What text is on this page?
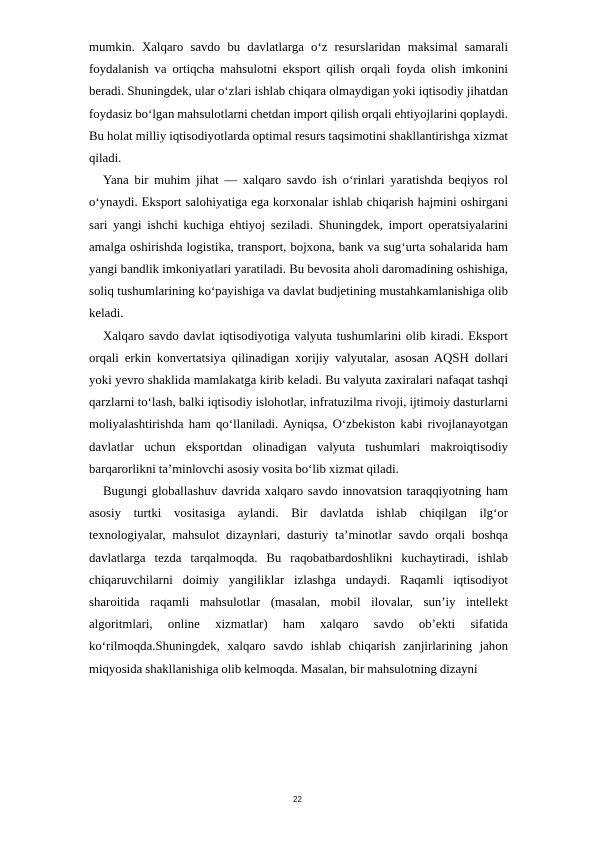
mumkin. Xalqaro savdo bu davlatlarga o‘z resurslaridan maksimal samarali foydalanish va ortiqcha mahsulotni eksport qilish orqali foyda olish imkonini beradi. Shuningdek, ular o‘zlari ishlab chiqara olmaydigan yoki iqtisodiy jihatdan foydasiz bo‘lgan mahsulotlarni chetdan import qilish orqali ehtiyojlarini qoplaydi. Bu holat milliy iqtisodiyotlarda optimal resurs taqsimotini shakllantirishga xizmat qiladi.

Yana bir muhim jihat — xalqaro savdo ish o‘rinlari yaratishda beqiyos rol o‘ynaydi. Eksport salohiyatiga ega korxonalar ishlab chiqarish hajmini oshirgani sari yangi ishchi kuchiga ehtiyoj seziladi. Shuningdek, import operatsiyalarini amalga oshirishda logistika, transport, bojxona, bank va sug‘urta sohalarida ham yangi bandlik imkoniyatlari yaratiladi. Bu bevosita aholi daromadining oshishiga, soliq tushumlarining ko‘payishiga va davlat budjetining mustahkamlanishiga olib keladi.

Xalqaro savdo davlat iqtisodiyotiga valyuta tushumlarini olib kiradi. Eksport orqali erkin konvertatsiya qilinadigan xorijiy valyutalar, asosan AQSH dollari yoki yevro shaklida mamlakatga kirib keladi. Bu valyuta zaxiralari nafaqat tashqi qarzlarni to‘lash, balki iqtisodiy islohotlar, infratuzilma rivoji, ijtimoiy dasturlarni moliyalashtirishda ham qo‘llaniladi. Ayniqsa, O‘zbekiston kabi rivojlanayotgan davlatlar uchun eksportdan olinadigan valyuta tushumlari makroiqtisodiy barqarorlikni ta’minlovchi asosiy vosita bo‘lib xizmat qiladi.

Bugungi globallashuv davrida xalqaro savdo innovatsion taraqqiyotning ham asosiy turtki vositasiga aylandi. Bir davlatda ishlab chiqilgan ilg‘or texnologiyalar, mahsulot dizaynlari, dasturiy ta’minotlar savdo orqali boshqa davlatlarga tezda tarqalmoqda. Bu raqobatbardoshlikni kuchaytiradi, ishlab chiqaruvchilarni doimiy yangiliklar izlashga undaydi. Raqamli iqtisodiyot sharoitida raqamli mahsulotlar (masalan, mobil ilovalar, sun’iy intellekt algoritmlari, online xizmatlar) ham xalqaro savdo ob’ekti sifatida ko‘rilmoqda.Shuningdek, xalqaro savdo ishlab chiqarish zanjirlarining jahon miqyosida shakllanishiga olib kelmoqda. Masalan, bir mahsulotning dizayni

22
